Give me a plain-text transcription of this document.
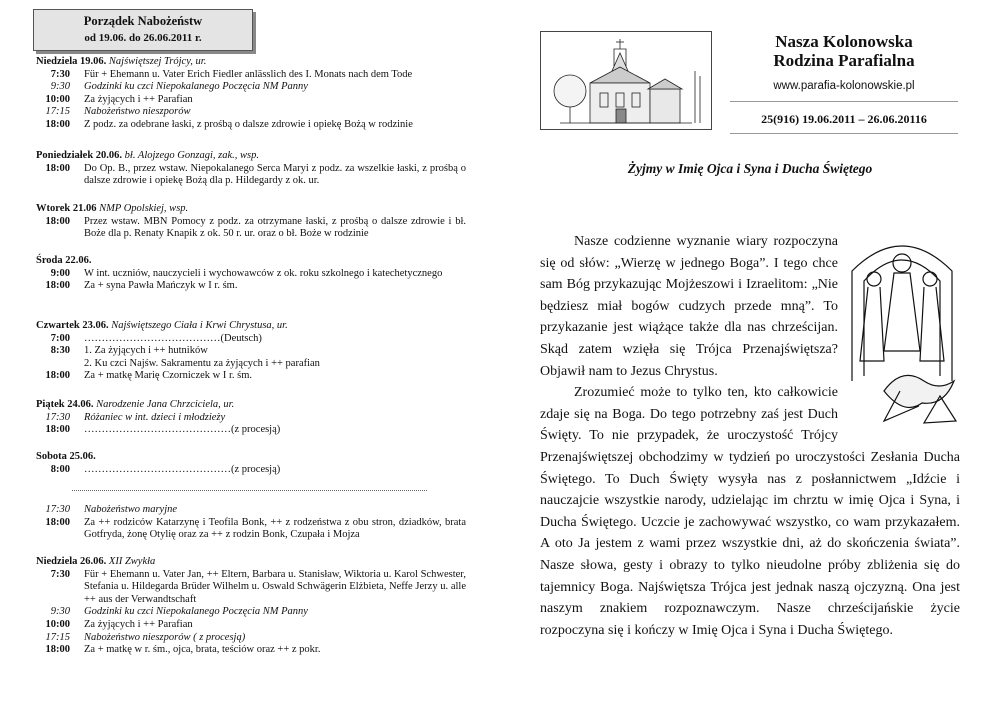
Porządek Nabożeństw
od 19.06. do 26.06.2011 r.
Niedziela 19.06. Najświętszej Trójcy, ur.
7:30	Für + Ehemann u. Vater Erich Fiedler anlässlich des I. Monats nach dem Tode
9:30	Godzinki ku czci Niepokalanego Poczęcia NM Panny
10:00	Za żyjących i ++ Parafian
17:15	Nabożeństwo nieszporów
18:00	Z podz. za odebrane łaski, z prośbą o dalsze zdrowie i opiekę Bożą w rodzinie
Poniedziałek 20.06. bł. Alojzego Gonzagi, zak., wsp.
18:00	Do Op. B., przez wstaw. Niepokalanego Serca Maryi z podz. za wszelkie łaski, z prośbą o dalsze zdrowie i opiekę Bożą dla p. Hildegardy z ok. ur.
Wtorek 21.06 NMP Opolskiej, wsp.
18:00	Przez wstaw. MBN Pomocy z podz. za otrzymane łaski, z prośbą o dalsze zdrowie i bł. Boże dla p. Renaty Knapik z ok. 50 r. ur. oraz o bł. Boże w rodzinie
Środa 22.06.
9:00	W int. uczniów, nauczycieli i wychowawców z ok. roku szkolnego i katechetycznego
18:00	Za + syna Pawła Mańczyk w I r. śm.
Czwartek 23.06. Najświętszego Ciała i Krwi Chrystusa, ur.
7:00	…………………………………(Deutsch)
8:30	1. Za żyjących i ++ hutników
2. Ku czci Najśw. Sakramentu za żyjących i ++ parafian
18:00	Za + matkę Marię Czorniczek w I r. śm.
Piątek 24.06. Narodzenie Jana Chrzciciela, ur.
17:30	Różaniec w int. dzieci i młodzieży
18:00	……………………………………(z procesją)
Sobota 25.06.
8:00	……………………………………(z procesją)
17:30	Nabożeństwo maryjne
18:00	Za ++ rodziców Katarzynę i Teofila Bonk, ++ z rodzeństwa z obu stron, dziadków, brata Gotfryda, żonę Otylię oraz za ++ z rodzin Bonk, Czupała i Mojza
Niedziela 26.06. XII Zwykła
7:30	Für + Ehemann u. Vater Jan, ++ Eltern, Barbara u. Stanisław, Wiktoria u. Karol Schwester, Stefania u. Hildegarda Brüder Wilhelm u. Oswald Schwägerin Elżbieta, Neffe Jerzy u. alle ++ aus der Verwandtschaft
9:30	Godzinki ku czci Niepokalanego Poczęcia NM Panny
10:00	Za żyjących i ++ Parafian
17:15	Nabożeństwo nieszporów ( z procesją)
18:00	Za + matkę w r. śm., ojca, brata, teściów oraz ++ z pokr.
Nasza Kolonowska
Rodzina Parafialna
www.parafia-kolonowskie.pl
25(916) 19.06.2011 – 26.06.20116
Żyjmy w Imię Ojca i Syna i Ducha Świętego

Nasze codzienne wyznanie wiary rozpoczyna się od słów: „Wierzę w jednego Boga”. I tego chce sam Bóg przykazując Mojżeszowi i Izraelitom: „Nie będziesz miał bogów cudzych przede mną”. To przykazanie jest wiążące także dla nas chrześcijan. Skąd zatem wzięła się Trójca Przenajświętsza? Objawił nam to Jezus Chrystus.

Zrozumieć może to tylko ten, kto całkowicie zdaje się na Boga. Do tego potrzebny zaś jest Duch Święty. To nie przypadek, że uroczystość Trójcy Przenajświętszej obchodzimy w tydzień po uroczystości Zesłania Ducha Świętego. To Duch Święty wysyła nas z posłannictwem „Idźcie i nauczajcie wszystkie narody, udzielając im chrztu w imię Ojca i Syna, i Ducha Świętego. Uczcie je zachowywać wszystko, co wam przykazałem. A oto Ja jestem z wami przez wszystkie dni, aż do skończenia świata”. Nasze słowa, gesty i obrazy to tylko nieudolne próby zbliżenia się do tajemnicy Boga. Najświętsza Trójca jest jednak naszą ojczyzną. Ona jest naszym znakiem rozpoznawczym. Nasze chrześcijańskie życie rozpoczyna się i kończy w Imię Ojca i Syna i Ducha Świętego.
